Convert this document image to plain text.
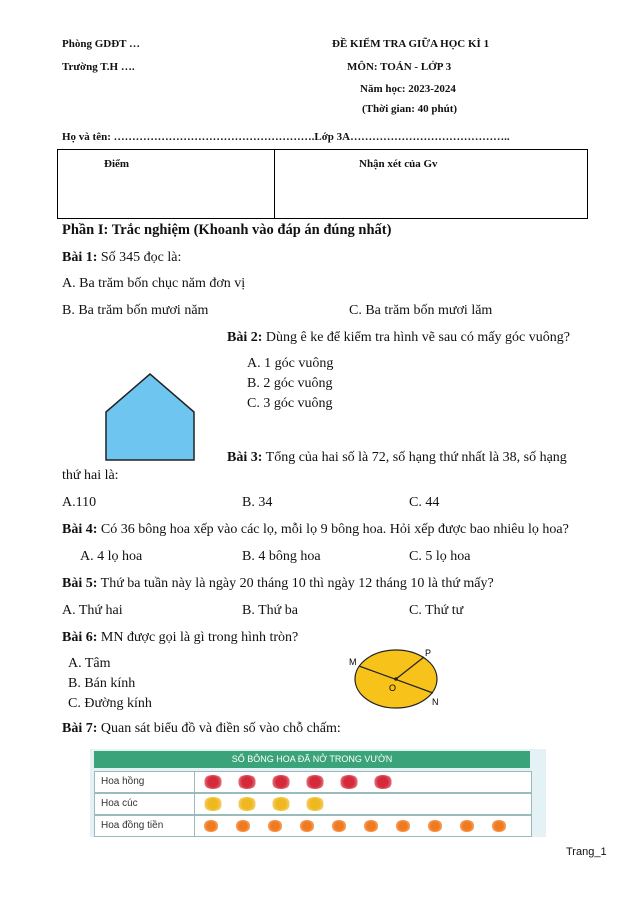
Phòng GDĐT …
Trường T.H ….
ĐỀ KIỂM TRA GIỮA HỌC KÌ 1
MÔN: TOÁN - LỚP 3
Năm học: 2023-2024
(Thời gian: 40 phút)
Họ và tên: ……………………………………………….Lớp 3A……………………………………..
Điểm	Nhận xét của Gv
Phần I: Trắc nghiệm (Khoanh vào đáp án đúng nhất)
Bài 1: Số 345 đọc là:
A. Ba trăm bốn chục năm đơn vị
B. Ba trăm bốn mươi năm	C. Ba trăm bốn mươi lăm
Bài 2: Dùng ê ke để kiểm tra hình vẽ sau có mấy góc vuông?
A. 1 góc vuông
B. 2 góc vuông
C. 3 góc vuông
Bài 3: Tổng của hai số là 72, số hạng thứ nhất là 38, số hạng
thứ hai là:
A.110	B. 34	C. 44
Bài 4: Có 36 bông hoa xếp vào các lọ, mỗi lọ 9 bông hoa. Hỏi xếp được bao nhiêu lọ hoa?
A. 4 lọ hoa	B. 4 bông hoa	C. 5 lọ hoa
Bài 5: Thứ ba tuần này là ngày 20 tháng 10 thì ngày 12 tháng 10 là thứ mấy?
A. Thứ hai	B. Thứ ba	C. Thứ tư
Bài 6: MN được gọi là gì trong hình tròn?
A. Tâm
B. Bán kính
C. Đường kính
M
P
O
N
Bài 7: Quan sát biểu đồ và điền số vào chỗ chấm:
SỐ BÔNG HOA ĐÃ NỞ TRONG VƯỜN
Hoa hồng
Hoa cúc
Hoa đồng tiền
Trang_1
